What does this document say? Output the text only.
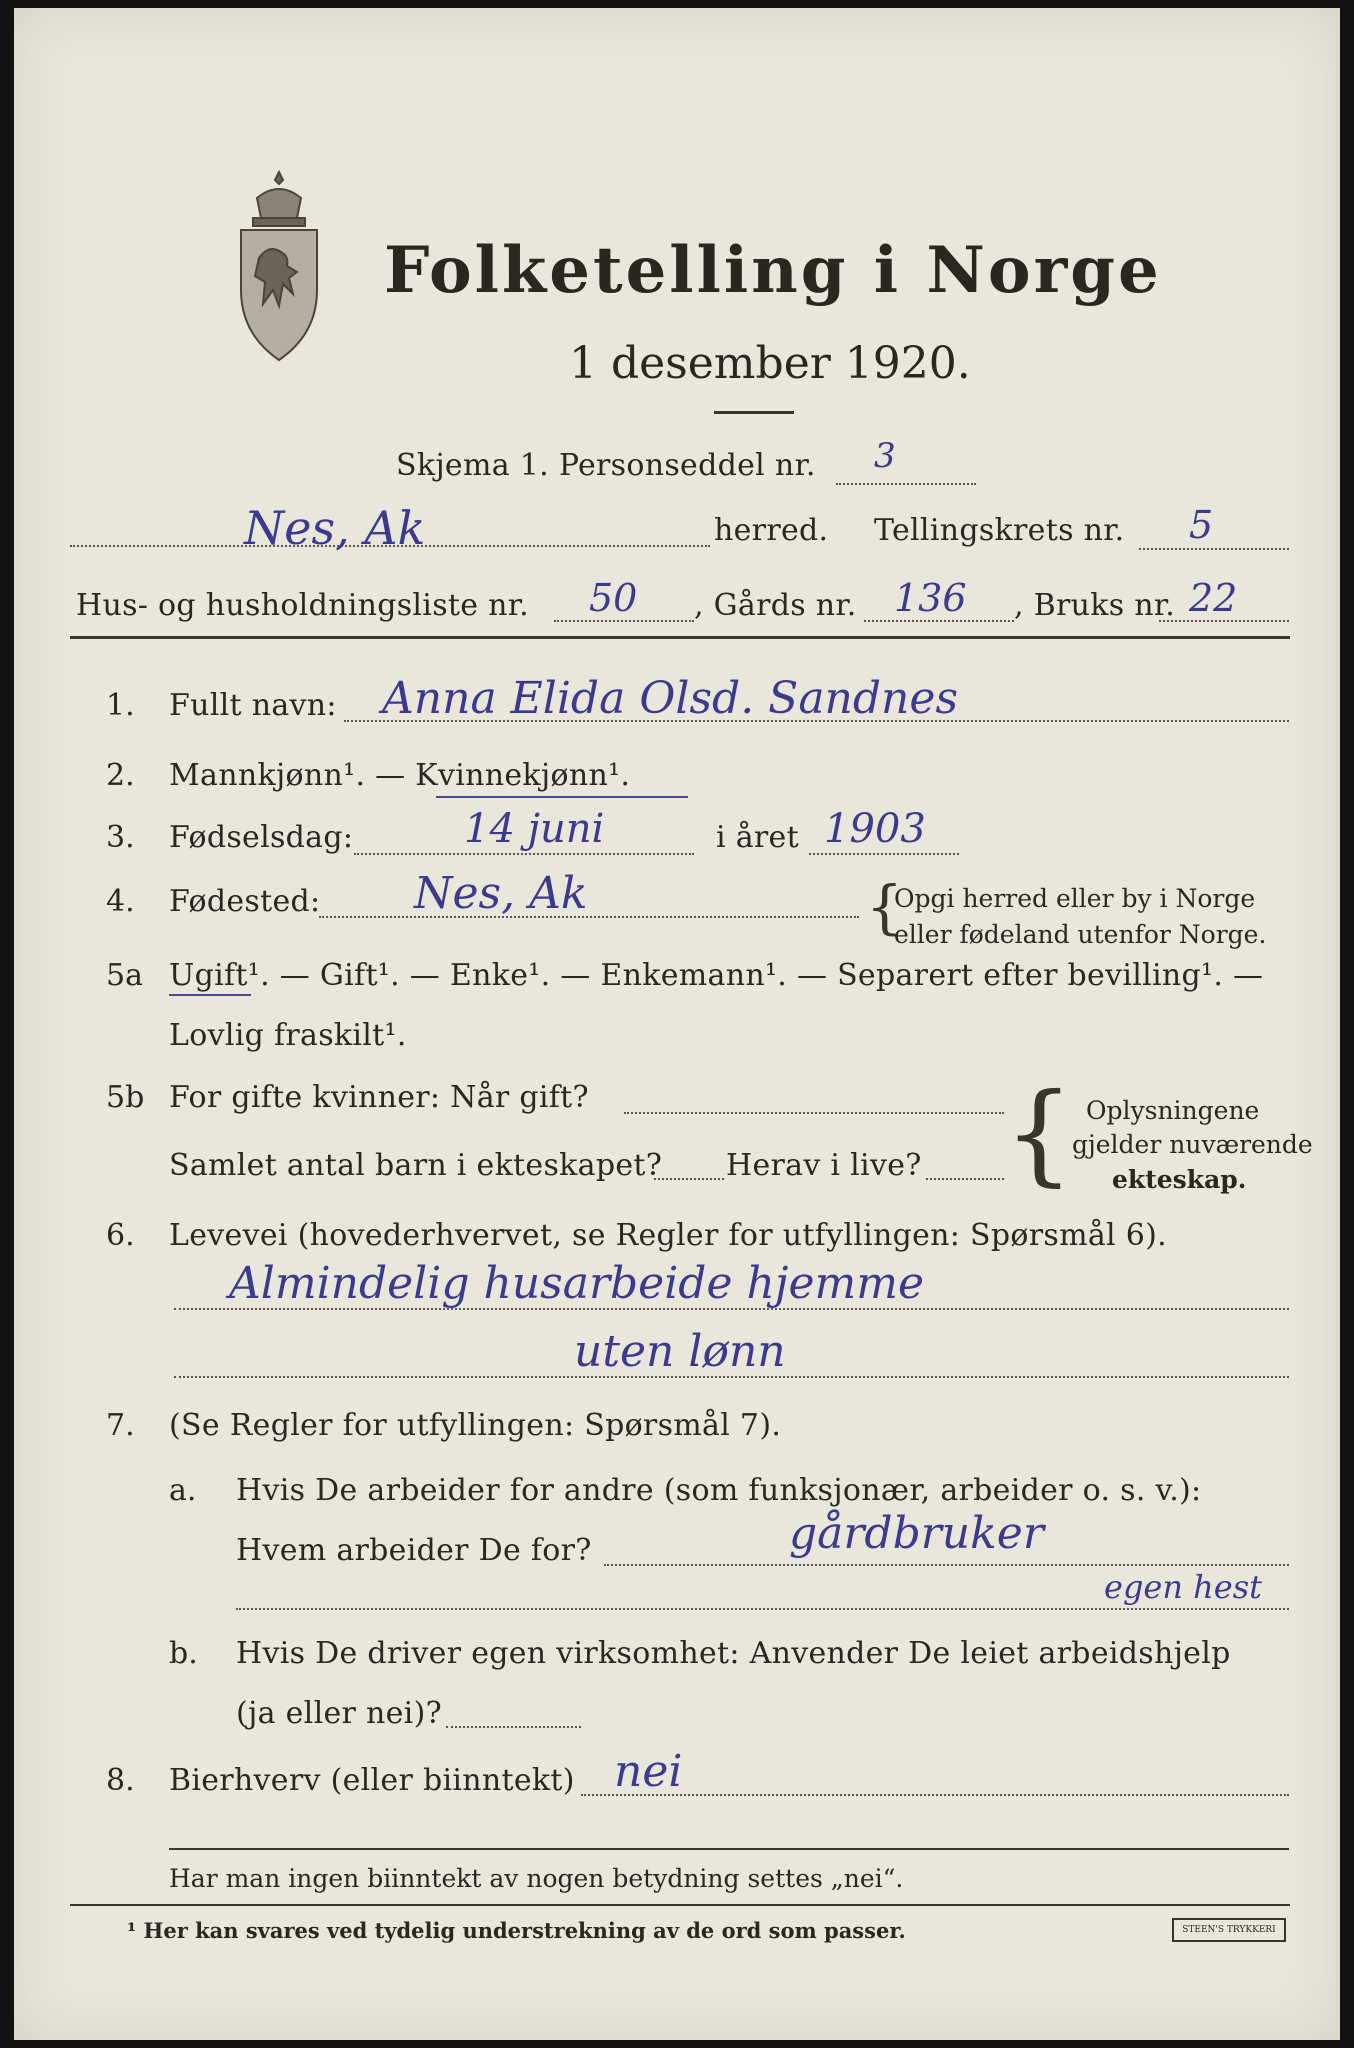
Folketelling i Norge
1 desember 1920.
Skjema 1. Personseddel nr. 3
Nes, Ak	herred. Tellingskrets nr. 5
Hus- og husholdningsliste nr. 50 , Gårds nr. 136 , Bruks nr. 22
1. Fullt navn: Anna Elida Olsd. Sandnes
2. Mannkjønn¹. — Kvinnekjønn¹.
3. Fødselsdag:	14 juni	i året 1903
4. Fødested: Nes, Ak	{
Opgi herred eller by i Norge
eller fødeland utenfor Norge.
5a Ugift¹. — Gift¹. — Enke¹. — Enkemann¹. — Separert efter bevilling¹. —
Lovlig fraskilt¹.
5b For gifte kvinner: Når gift?
Samlet antal barn i ekteskapet? Herav i live? { Oplysningene
gjelder nuværende
ekteskap.
6. Levevei (hovederhvervet, se Regler for utfyllingen: Spørsmål 6).
Almindelig husarbeide hjemme
uten lønn
7. (Se Regler for utfyllingen: Spørsmål 7).
a. Hvis De arbeider for andre (som funksjonær, arbeider o. s. v.):
Hvem arbeider De for?	gårdbruker
egen hest
b. Hvis De driver egen virksomhet: Anvender De leiet arbeidshjelp
(ja eller nei)?
8. Bierhverv (eller biinntekt) nei
Har man ingen biinntekt av nogen betydning settes „nei“.
¹ Her kan svares ved tydelig understrekning av de ord som passer.	STEEN'S TRYKKERI
